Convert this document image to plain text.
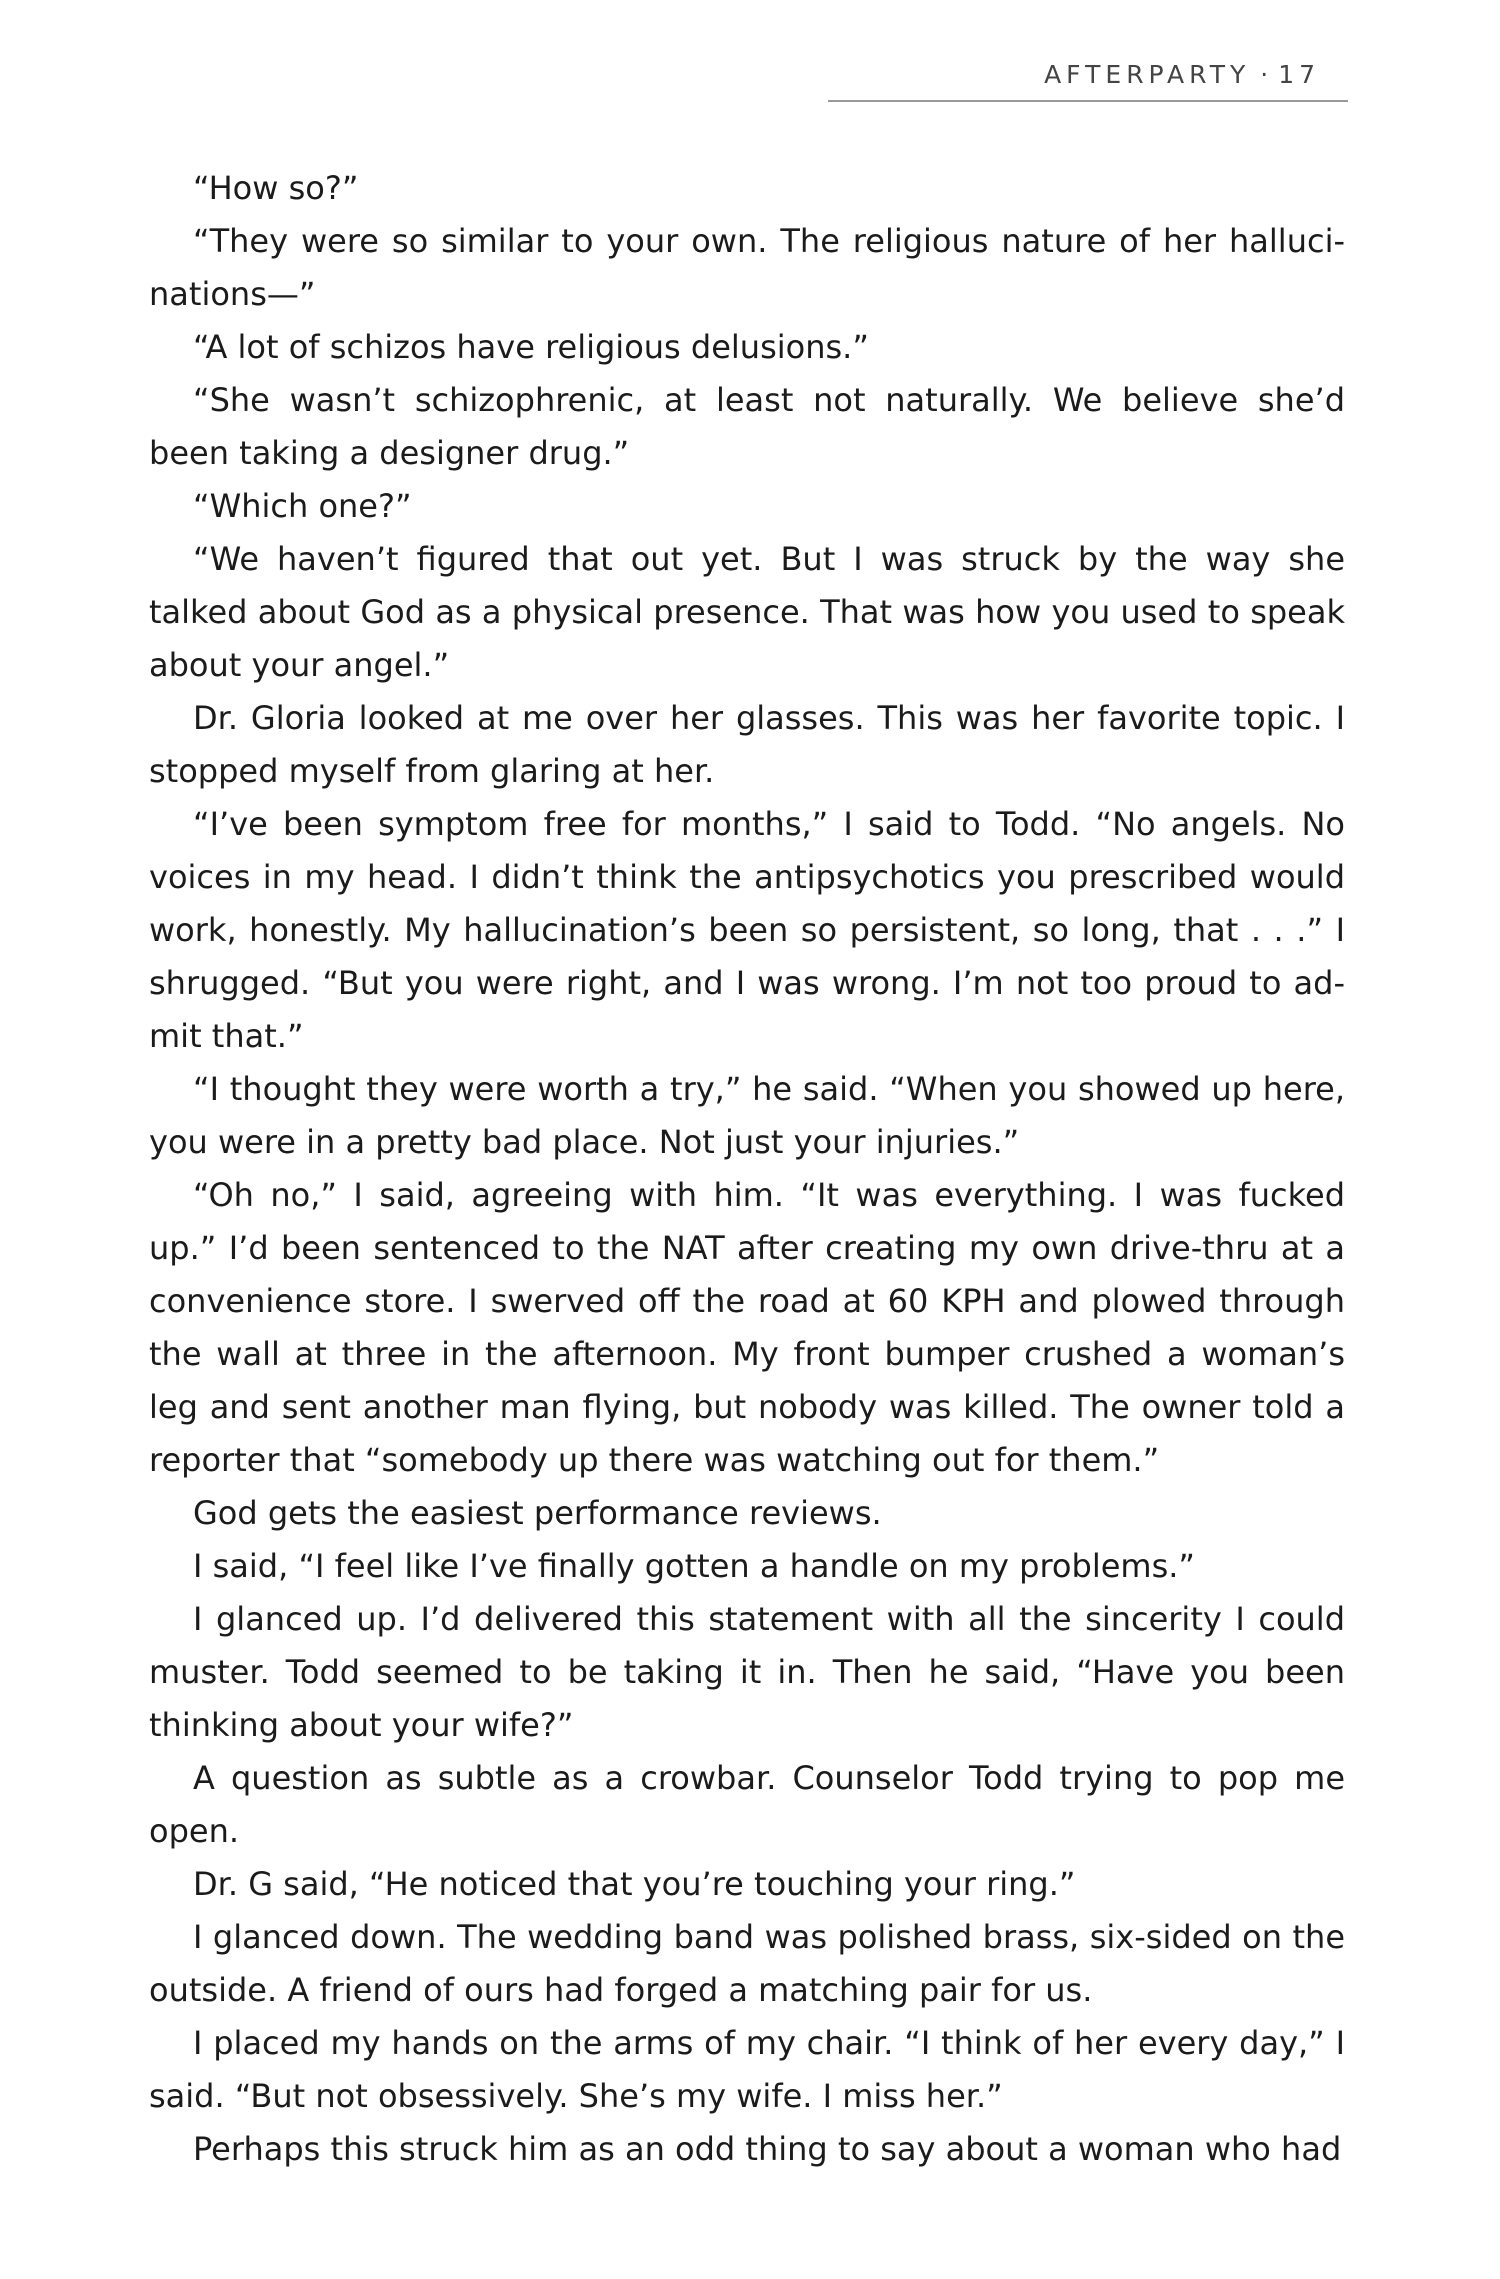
AFTERPARTY · 17

“How so?”

“They were so similar to your own. The religious nature of her hallucinations—”

“A lot of schizos have religious delusions.”

“She wasn’t schizophrenic, at least not naturally. We believe she’d been taking a designer drug.”

“Which one?”

“We haven’t figured that out yet. But I was struck by the way she talked about God as a physical presence. That was how you used to speak about your angel.”

Dr. Gloria looked at me over her glasses. This was her favorite topic. I stopped myself from glaring at her.

“I’ve been symptom free for months,” I said to Todd. “No angels. No voices in my head. I didn’t think the antipsychotics you prescribed would work, honestly. My hallucination’s been so persistent, so long, that . . .” I shrugged. “But you were right, and I was wrong. I’m not too proud to admit that.”

“I thought they were worth a try,” he said. “When you showed up here, you were in a pretty bad place. Not just your injuries.”

“Oh no,” I said, agreeing with him. “It was everything. I was fucked up.” I’d been sentenced to the NAT after creating my own drive-thru at a convenience store. I swerved off the road at 60 KPH and plowed through the wall at three in the afternoon. My front bumper crushed a woman’s leg and sent another man flying, but nobody was killed. The owner told a reporter that “somebody up there was watching out for them.”

God gets the easiest performance reviews.

I said, “I feel like I’ve finally gotten a handle on my problems.”

I glanced up. I’d delivered this statement with all the sincerity I could muster. Todd seemed to be taking it in. Then he said, “Have you been thinking about your wife?”

A question as subtle as a crowbar. Counselor Todd trying to pop me open.

Dr. G said, “He noticed that you’re touching your ring.”

I glanced down. The wedding band was polished brass, six-sided on the outside. A friend of ours had forged a matching pair for us.

I placed my hands on the arms of my chair. “I think of her every day,” I said. “But not obsessively. She’s my wife. I miss her.”

Perhaps this struck him as an odd thing to say about a woman who had
